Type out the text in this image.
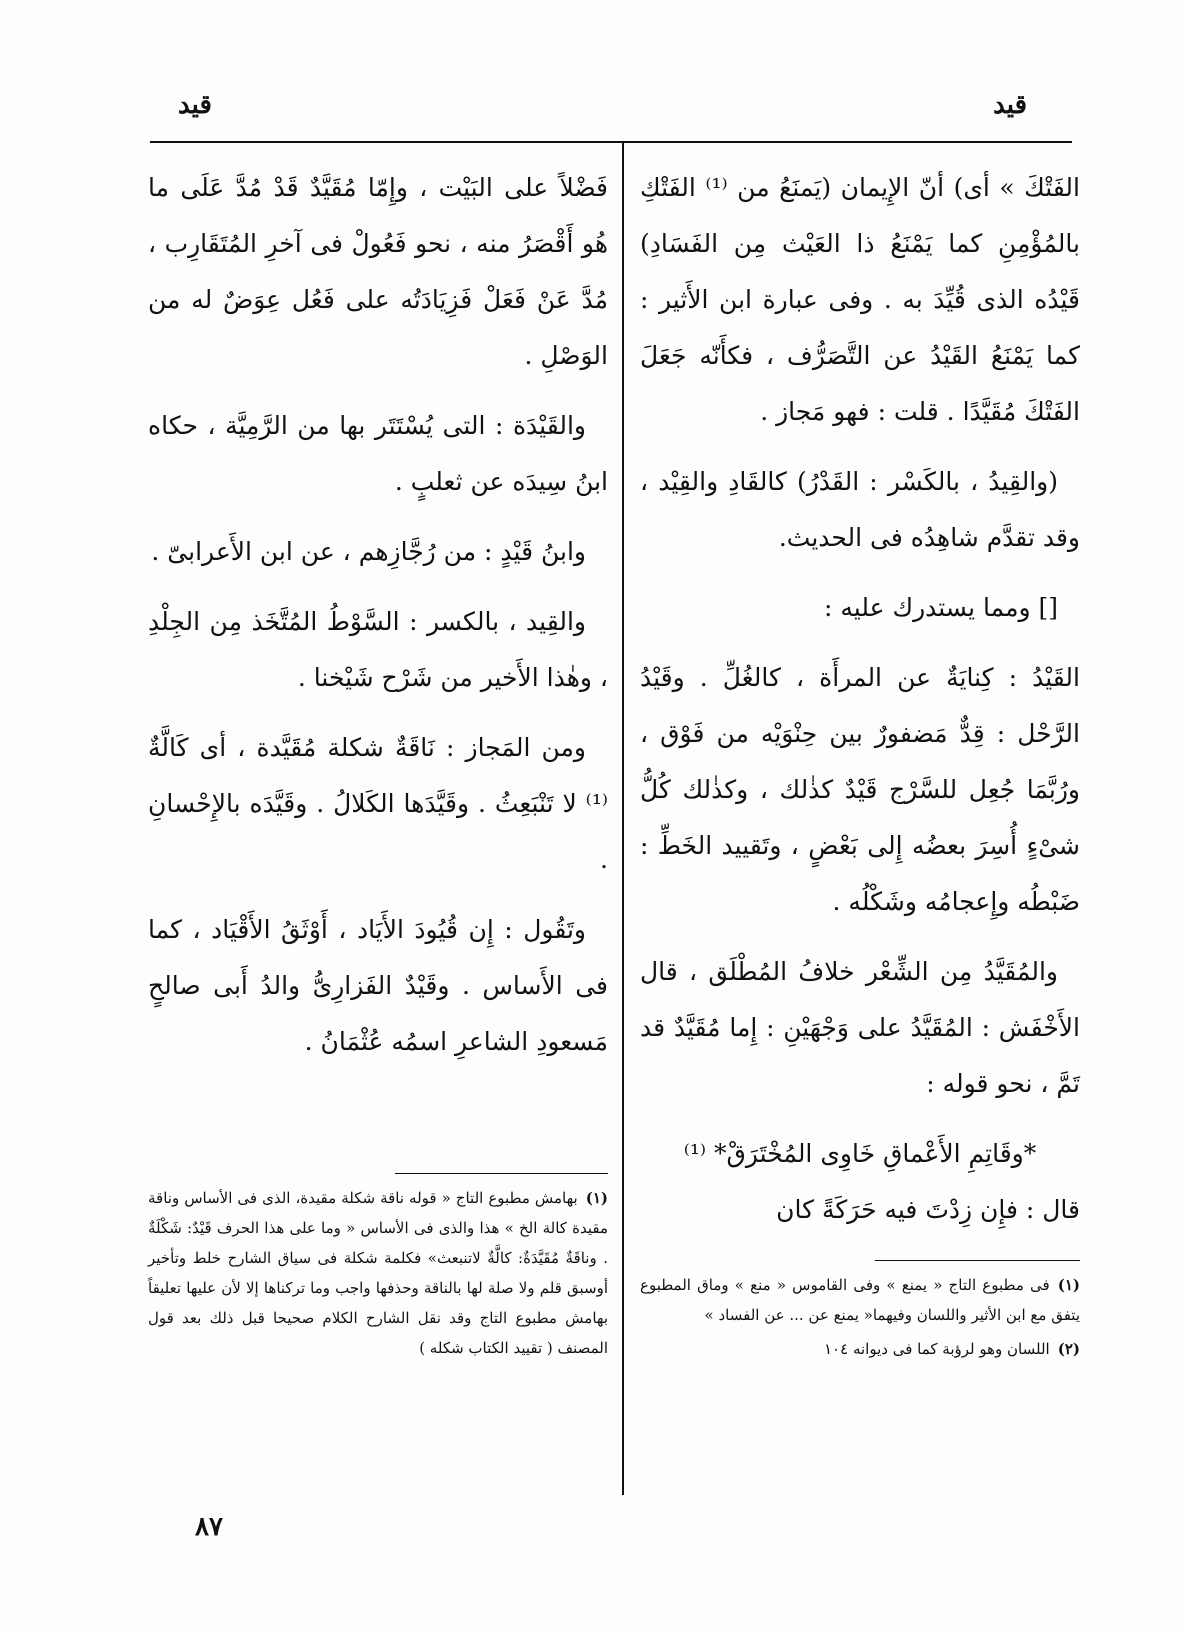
قيد
قيد

الفَتْكَ » أى) أنّ الإِيمان (يَمنَعُ من ⁽¹⁾ الفَتْكِ بالمُؤْمِنِ كما يَمْنَعُ ذا العَيْث مِن الفَسَادِ) قَيْدُه الذى قُيِّدَ به . وفى عبارة ابن الأَثير : كما يَمْنَعُ القَيْدُ عن التَّصَرُّف ، فكأَنّه جَعَلَ الفَتْكَ مُقَيَّدًا . قلت : فهو مَجاز .

(والقِيدُ ، بالكَسْر : القَدْرُ) كالقَادِ والقِيْد ، وقد تقدَّم شاهِدُه فى الحديث.

[] ومما يستدرك عليه :

القَيْدُ : كِنايَةٌ عن المرأَة ، كالغُلِّ . وقَيْدُ الرَّحْل : قِدٌّ مَضفورٌ بين حِنْوَيْه من فَوْق ، ورُبَّمَا جُعِل للسَّرْج قَيْدٌ كذٰلك ، وكذٰلك كُلُّ شىْءٍ أُسِرَ بعضُه إِلى بَعْضٍ ، وتَقييد الخَطِّ : ضَبْطُه وإِعجامُه وشَكْلُه .

والمُقَيَّدُ مِن الشِّعْر خلافُ المُطْلَق ، قال الأَخْفَش : المُقَيَّدُ على وَجْهَيْنِ : إِما مُقَيَّدٌ قد تَمَّ ، نحو قوله :

*وقَاتِمِ الأَعْماقِ خَاوِى المُخْتَرَقْ* ⁽¹⁾

قال : فإِن زِدْتَ فيه حَرَكَةً كان

فَضْلاً على البَيْت ، وإِمّا مُقَيَّدٌ قَدْ مُدَّ عَلَى ما هُو أَقْصَرُ منه ، نحو فَعُولْ فى آخرِ المُتَقَارِب ، مُدَّ عَنْ فَعَلْ فَزِيَادَتُه على فَعُل عِوَضٌ له من الوَصْلِ .

والقَيْدَة : التى يُسْتَتَر بها من الرَّمِيَّة ، حكاه ابنُ سِيدَه عن ثعلبٍ .

وابنُ قَيْدٍ : من رُجَّازِهم ، عن ابن الأَعرابىّ .

والقِيد ، بالكسر : السَّوْطُ المُتَّخَذ مِن الجِلْدِ ، وهٰذا الأَخير من شَرْح شَيْخنا .

ومن المَجاز : نَاقَةٌ شكلة مُقَيَّدة ، أى كَالَّةٌ ⁽¹⁾ لا تَنْبَعِثُ . وقَيَّدَها الكَلالُ . وقَيَّدَه بالإِحْسانِ .

وتَقُول : إِن قُيُودَ الأَيَاد ، أَوْثَقُ الأَقْيَاد ، كما فى الأَساس . وقَيْدٌ الفَزارِىُّ والدُ أَبى صالحٍ مَسعودِ الشاعرِ اسمُه عُثْمَانُ .

(١)فى مطبوع التاج « يمنع » وفى القاموس « منع » وماق المطبوع يتفق مع ابن الأثير واللسان وفيهما« يمنع عن ... عن الفساد »

(٢)اللسان وهو لرؤبة كما فى ديوانه ١٠٤

(١)بهامش مطبوع التاج « قوله ناقة شكلة مقيدة، الذى فى الأساس وناقة مقيدة كالة الخ » هذا والذى فى الأساس « وما على هذا الحرف قَيْدٌ: شَكْلَةٌ . وناقَةٌ مُقَيَّدَةٌ: كالَّةٌ لاتنبعث» فكلمة شكلة فى سياق الشارح خلط وتأخير أوسبق قلم ولا صلة لها بالناقة وحذفها واجب وما تركناها إلا لأن عليها تعليقاً بهامش مطبوع التاج وقد نقل الشارح الكلام صحيحا قبل ذلك بعد قول المصنف ( تقييد الكتاب شكله )

٨٧
